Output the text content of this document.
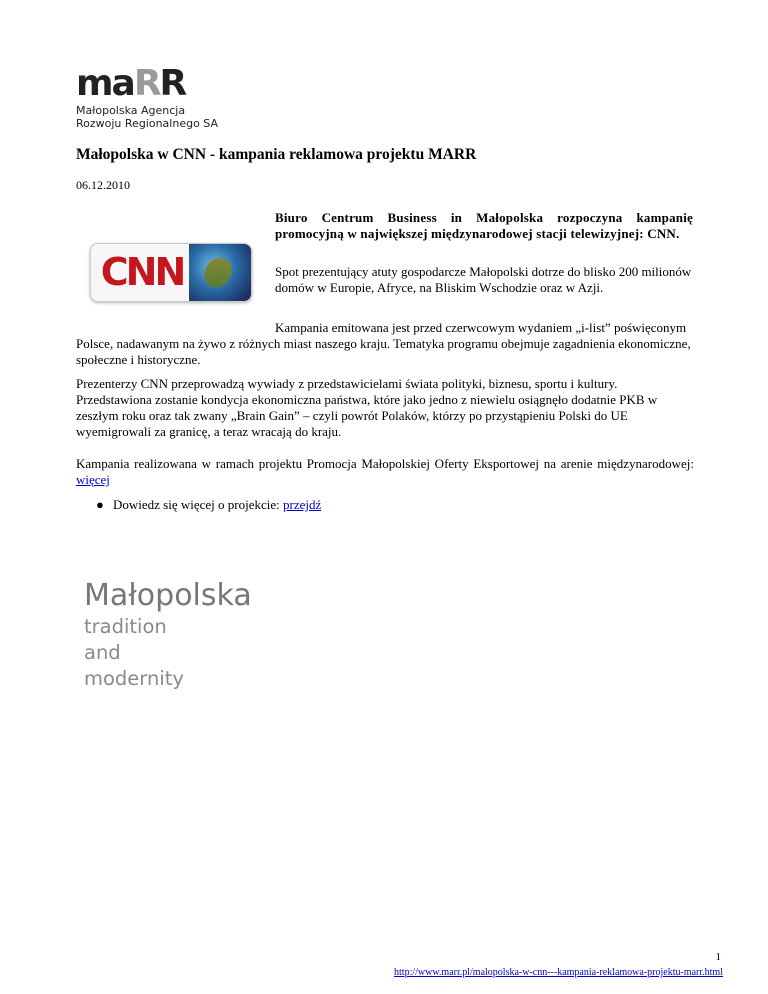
maRR
Małopolska Agencja
Rozwoju Regionalnego SA
Małopolska w CNN - kampania reklamowa projektu MARR
06.12.2010
CNN
Biuro Centrum Business in Małopolska rozpoczyna kampanię promocyjną w największej międzynarodowej stacji telewizyjnej: CNN.
Spot prezentujący atuty gospodarcze Małopolski dotrze do blisko 200 milionów domów w Europie, Afryce, na Bliskim Wschodzie oraz w Azji.

Kampania emitowana jest przed czerwcowym wydaniem „i-list” poświęconym Polsce, nadawanym na żywo z różnych miast naszego kraju. Tematyka programu obejmuje zagadnienia ekonomiczne, społeczne i historyczne.

Prezenterzy CNN przeprowadzą wywiady z przedstawicielami świata polityki, biznesu, sportu i kultury. Przedstawiona zostanie kondycja ekonomiczna państwa, które jako jedno z niewielu osiągnęło dodatnie PKB w zeszłym roku oraz tak zwany „Brain Gain” – czyli powrót Polaków, którzy po przystąpieniu Polski do UE wyemigrowali za granicę, a teraz wracają do kraju.

Kampania realizowana w ramach projektu Promocja Małopolskiej Oferty Eksportowej na arenie międzynarodowej: więcej

● Dowiedz się więcej o projekcie: przejdź
Małopolska
tradition
and
modernity
1
http://www.marr.pl/malopolska-w-cnn---kampania-reklamowa-projektu-marr.html
